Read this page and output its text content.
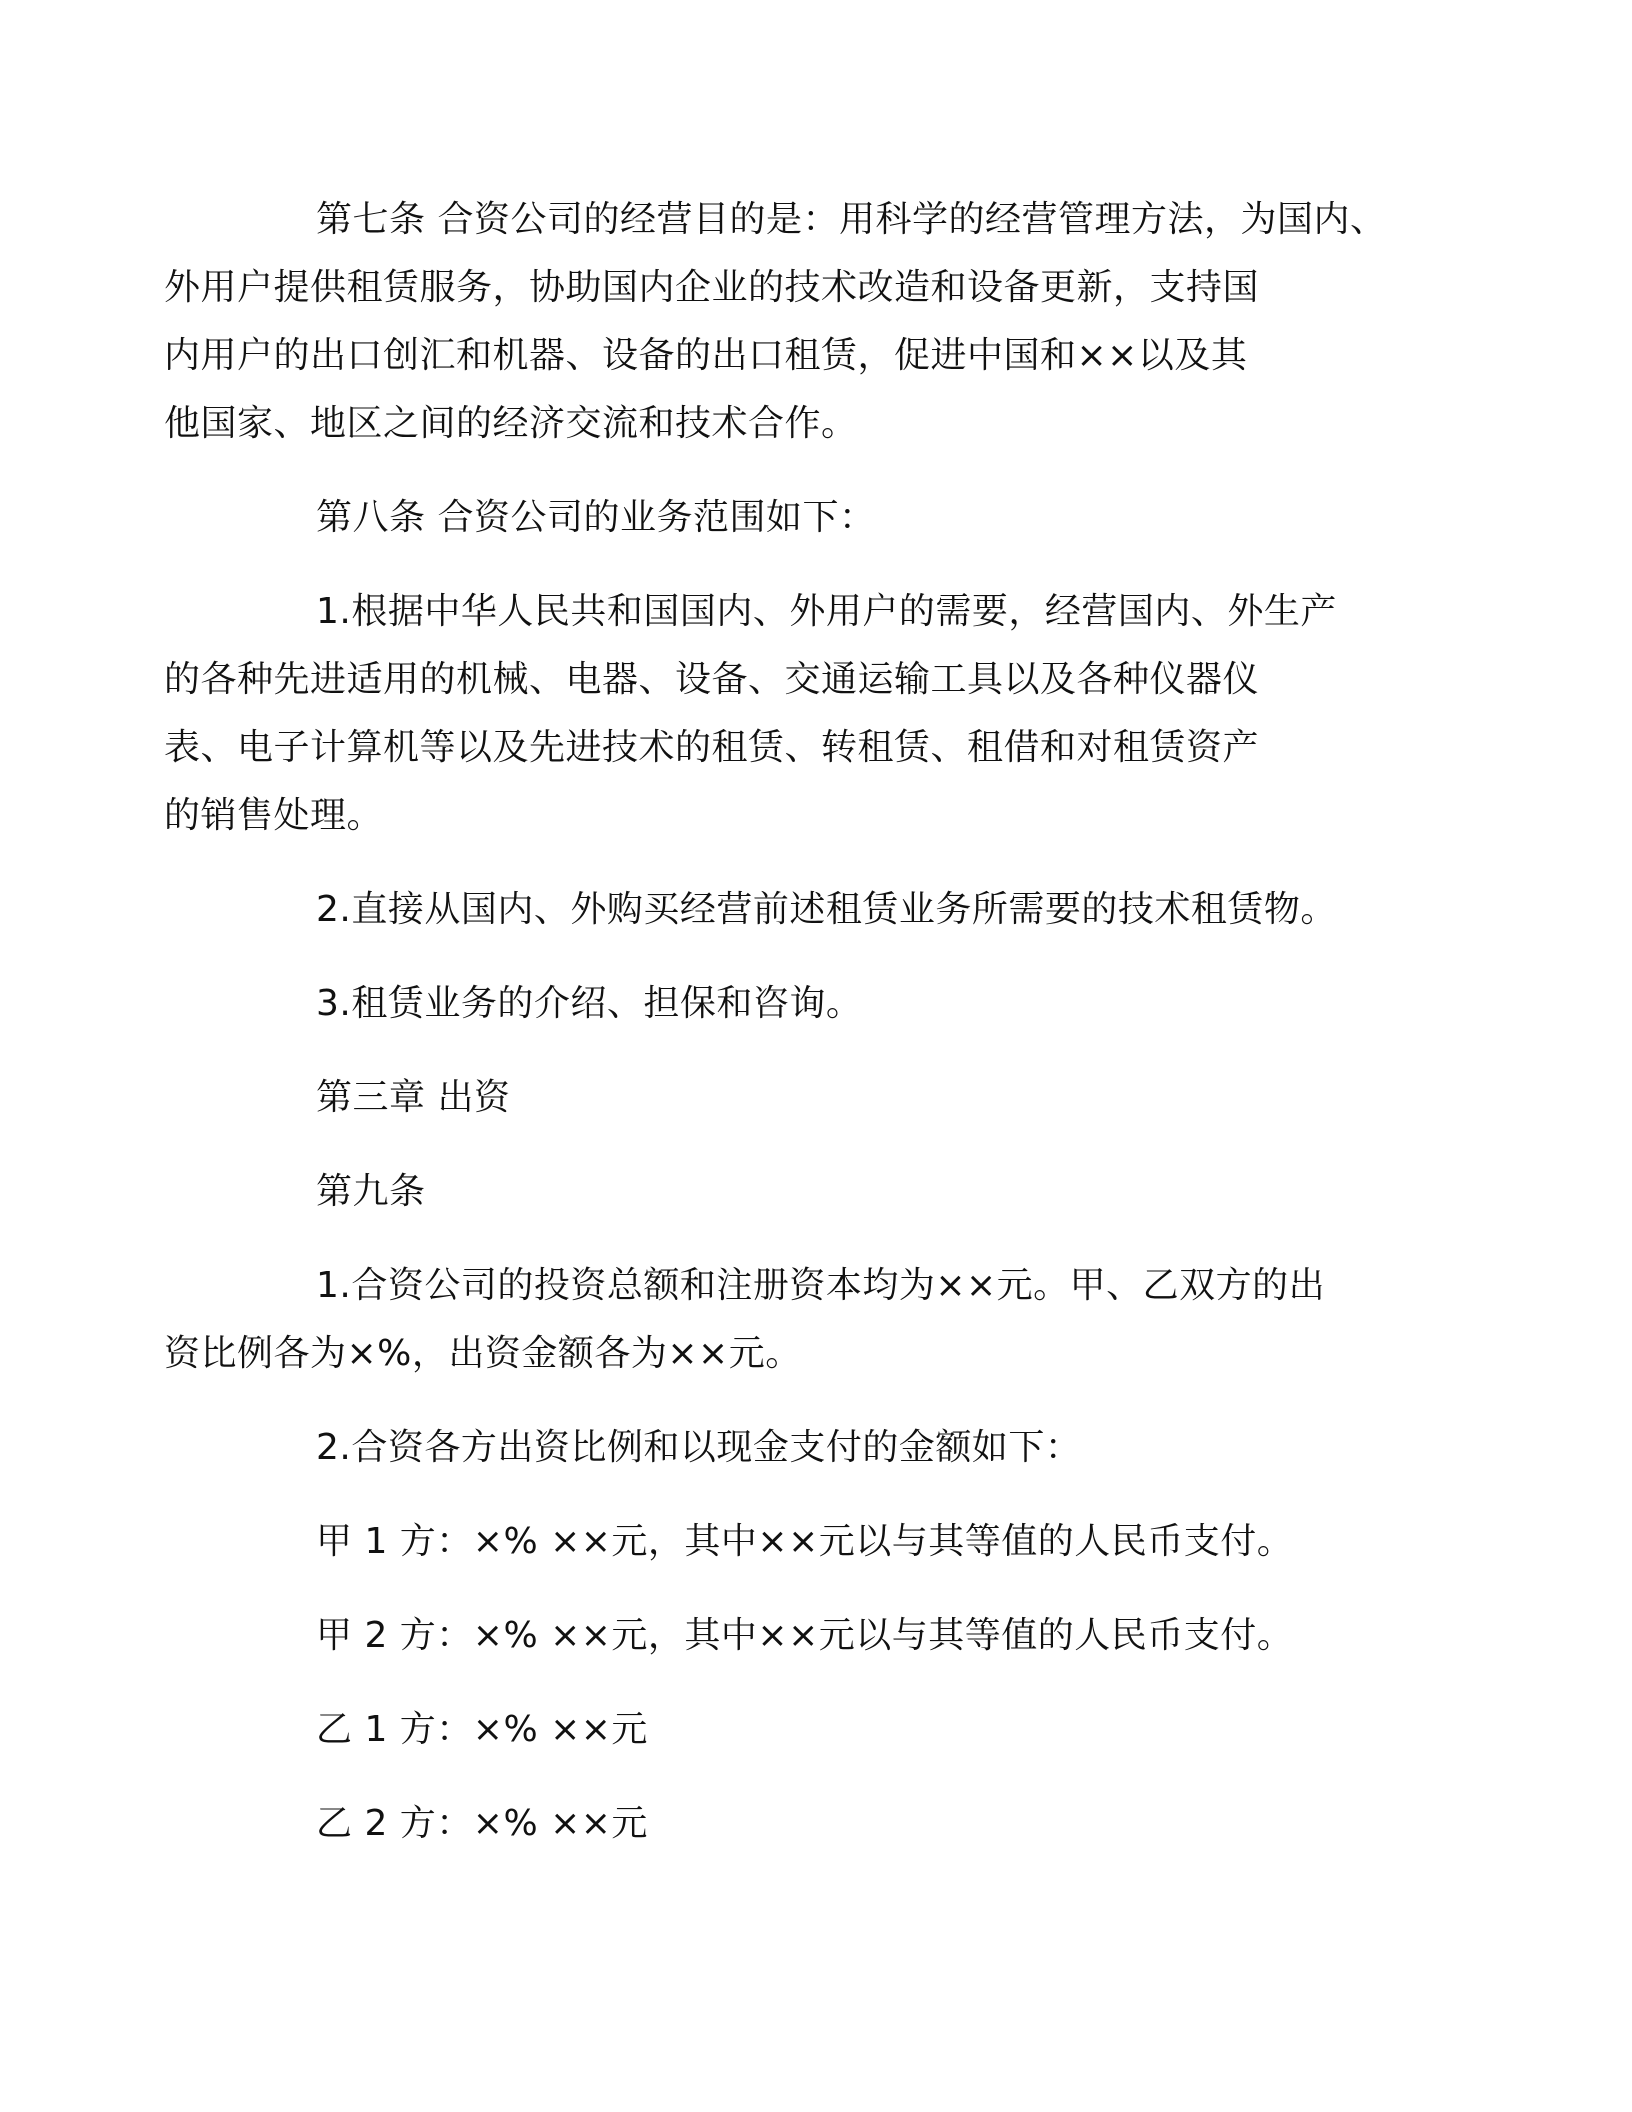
第七条 合资公司的经营目的是：用科学的经营管理方法，为国内、
外用户提供租赁服务，协助国内企业的技术改造和设备更新，支持国
内用户的出口创汇和机器、设备的出口租赁，促进中国和××以及其
他国家、地区之间的经济交流和技术合作。

第八条 合资公司的业务范围如下：

1.根据中华人民共和国国内、外用户的需要，经营国内、外生产
的各种先进适用的机械、电器、设备、交通运输工具以及各种仪器仪
表、电子计算机等以及先进技术的租赁、转租赁、租借和对租赁资产
的销售处理。

2.直接从国内、外购买经营前述租赁业务所需要的技术租赁物。

3.租赁业务的介绍、担保和咨询。

第三章 出资

第九条

1.合资公司的投资总额和注册资本均为××元。甲、乙双方的出
资比例各为×%，出资金额各为××元。

2.合资各方出资比例和以现金支付的金额如下：

甲 1 方：×% ××元，其中××元以与其等值的人民币支付。

甲 2 方：×% ××元，其中××元以与其等值的人民币支付。

乙 1 方：×% ××元

乙 2 方：×% ××元
